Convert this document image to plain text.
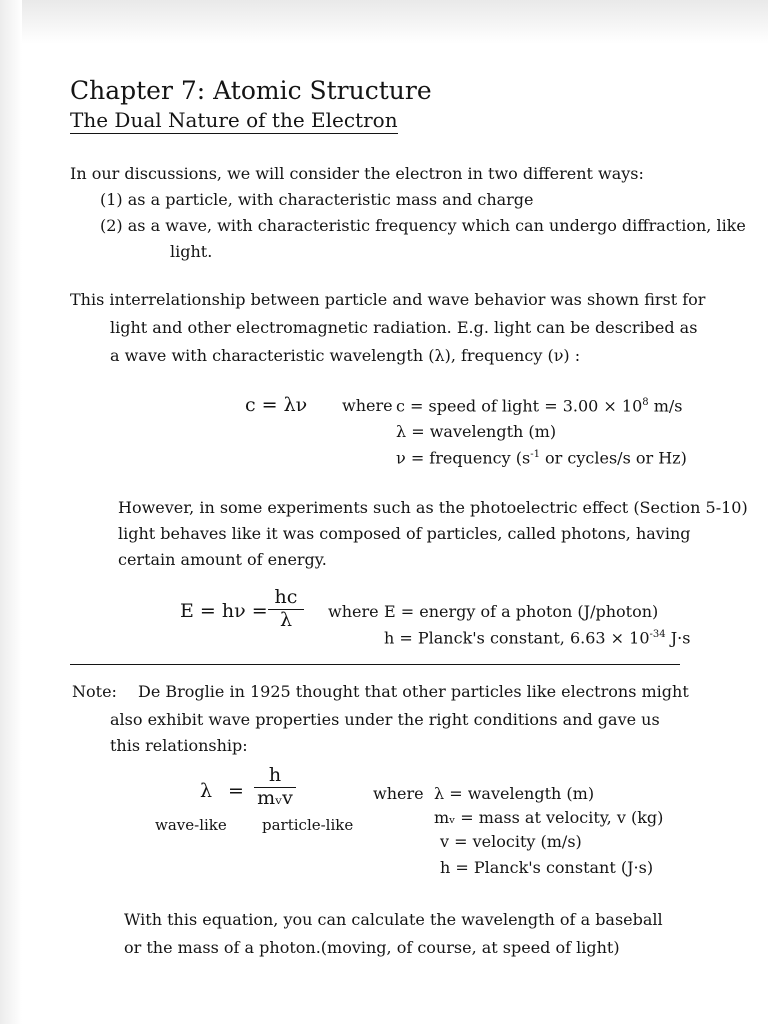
Chapter 7: Atomic Structure
The Dual Nature of the Electron
In our discussions, we will consider the electron in two different ways:
(1) as a particle, with characteristic mass and charge
(2) as a wave, with characteristic frequency which can undergo diffraction, like
light.
This interrelationship between particle and wave behavior was shown first for
light and other electromagnetic radiation. E.g. light can be described as
a wave with characteristic wavelength (λ), frequency (ν) :
c = λν where c = speed of light = $3.00 \times 10^8$ m/s
λ = wavelength (m)
ν = frequency ($s^{-1}$ or cycles/s or Hz)
However, in some experiments such as the photoelectric effect (Section 5-10)
light behaves like it was composed of particles, called photons, having
certain amount of energy.
E = hν =
hc
λ	where E = energy of a photon (J/photon)
h = Planck's constant, $6.63 \times 10^{-34}$ J·s
Note: De Broglie in 1925 thought that other particles like electrons might
also exhibit wave properties under the right conditions and gave us
this relationship:
λ =
h
mᵥv
wave-like particle-like
where λ = wavelength (m)
mᵥ = mass at velocity, v (kg)
v = velocity (m/s)
h = Planck's constant (J·s)
With this equation, you can calculate the wavelength of a baseball
or the mass of a photon.(moving, of course, at speed of light)
